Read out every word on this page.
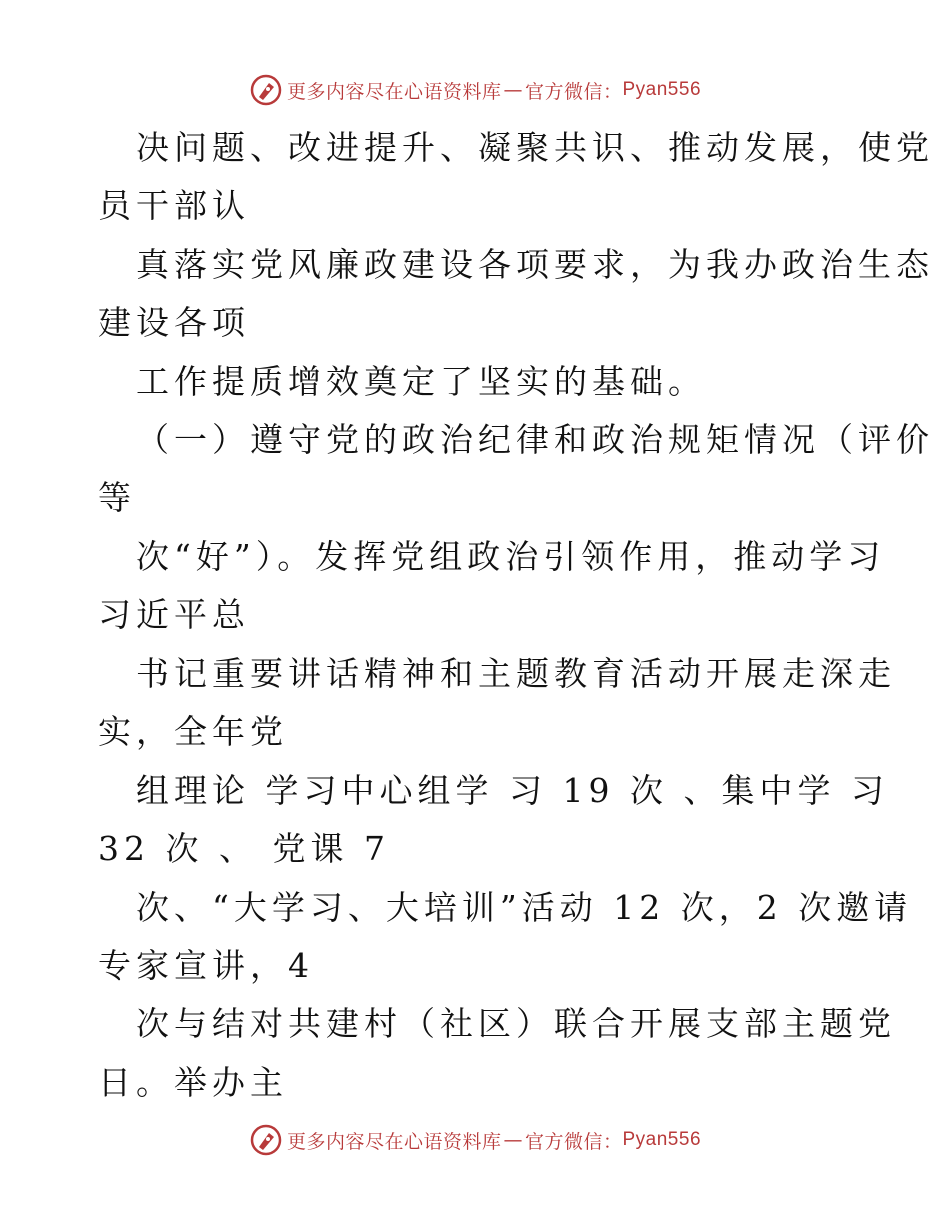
更多内容尽在心语资料库 — 官方微信： Pyan556
决问题、改进提升、凝聚共识、推动发展，使党
员干部认
真落实党风廉政建设各项要求，为我办政治生态
建设各项
工作提质增效奠定了坚实的基础。
（一）遵守党的政治纪律和政治规矩情况（评价
等
次“好”）。发挥党组政治引领作用，推动学习
习近平总
书记重要讲话精神和主题教育活动开展走深走
实，全年党
组理论 学习中心组学 习 19 次 、集中学 习
32 次 、 党课 7
次、“大学习、大培训”活动 12 次，2 次邀请
专家宣讲，4
次与结对共建村（社区）联合开展支部主题党
日。举办主
更多内容尽在心语资料库 — 官方微信： Pyan556
